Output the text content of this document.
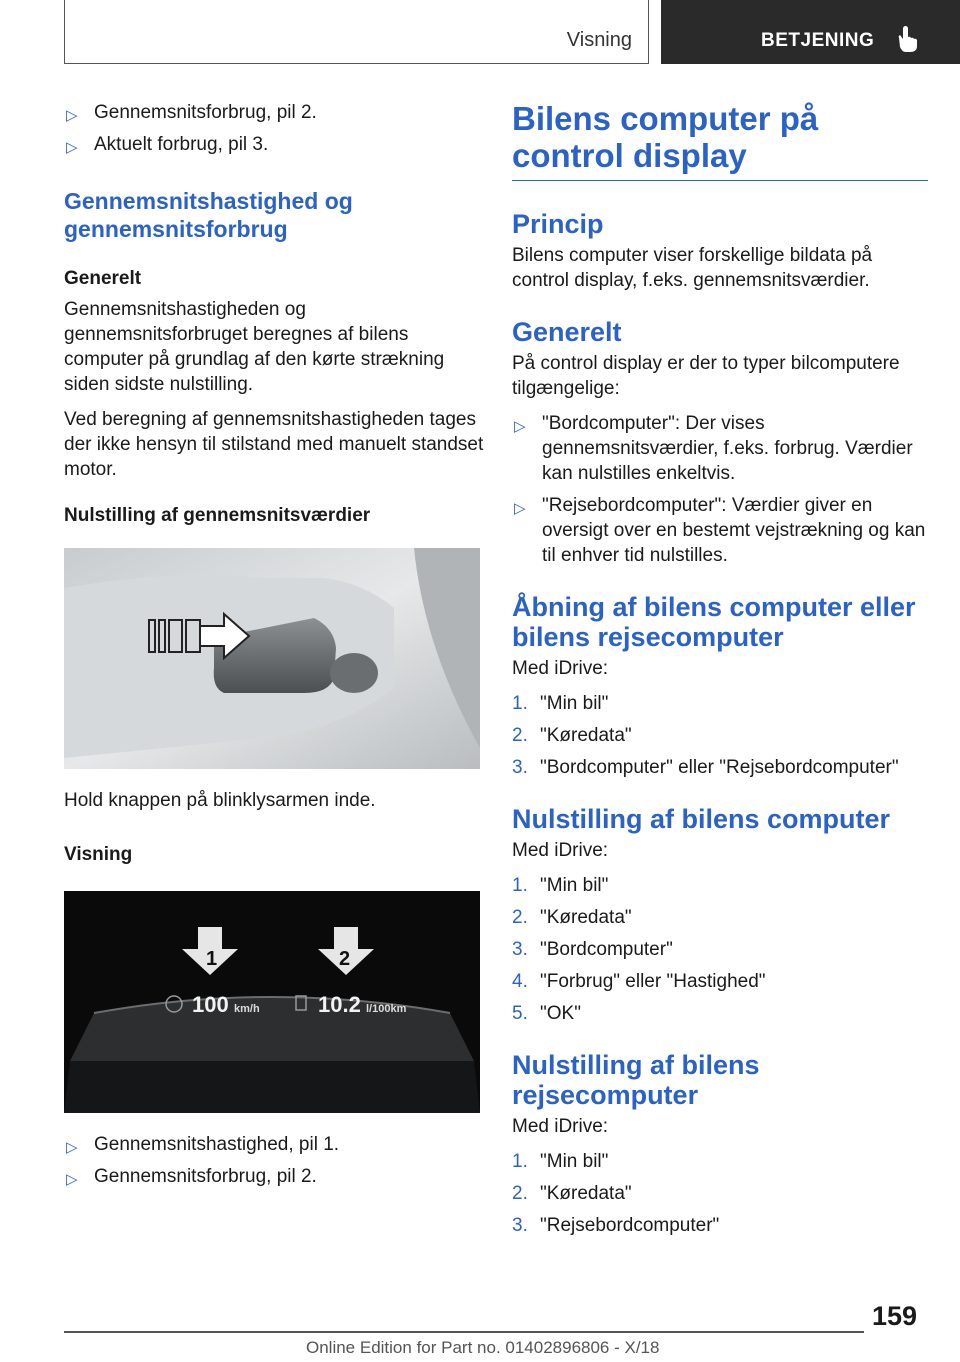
Visning	BETJENING
▷ Gennemsnitsforbrug, pil 2.
▷ Aktuelt forbrug, pil 3.
Gennemsnitshastighed og gennemsnitsforbrug
Generelt
Gennemsnitshastigheden og gennemsnitsforbruget beregnes af bilens computer på grundlag af den kørte strækning siden sidste nulstilling.
Ved beregning af gennemsnitshastigheden tages der ikke hensyn til stilstand med manuelt standset motor.
Nulstilling af gennemsnitsværdier
Hold knappen på blinklysarmen inde.
Visning
1	2
100 km/h	10.2 l/100km
▷ Gennemsnitshastighed, pil 1.
▷ Gennemsnitsforbrug, pil 2.
Bilens computer på control display
Princip
Bilens computer viser forskellige bildata på control display, f.eks. gennemsnitsværdier.
Generelt
På control display er der to typer bilcomputere tilgængelige:
▷ "Bordcomputer": Der vises gennemsnitsværdier, f.eks. forbrug. Værdier kan nulstilles enkeltvis.
▷ "Rejsebordcomputer": Værdier giver en oversigt over en bestemt vejstrækning og kan til enhver tid nulstilles.
Åbning af bilens computer eller bilens rejsecomputer
Med iDrive:
1. "Min bil"
2. "Køredata"
3. "Bordcomputer" eller "Rejsebordcomputer"
Nulstilling af bilens computer
Med iDrive:
1. "Min bil"
2. "Køredata"
3. "Bordcomputer"
4. "Forbrug" eller "Hastighed"
5. "OK"
Nulstilling af bilens rejsecomputer
Med iDrive:
1. "Min bil"
2. "Køredata"
3. "Rejsebordcomputer"
159
Online Edition for Part no. 01402896806 - X/18
